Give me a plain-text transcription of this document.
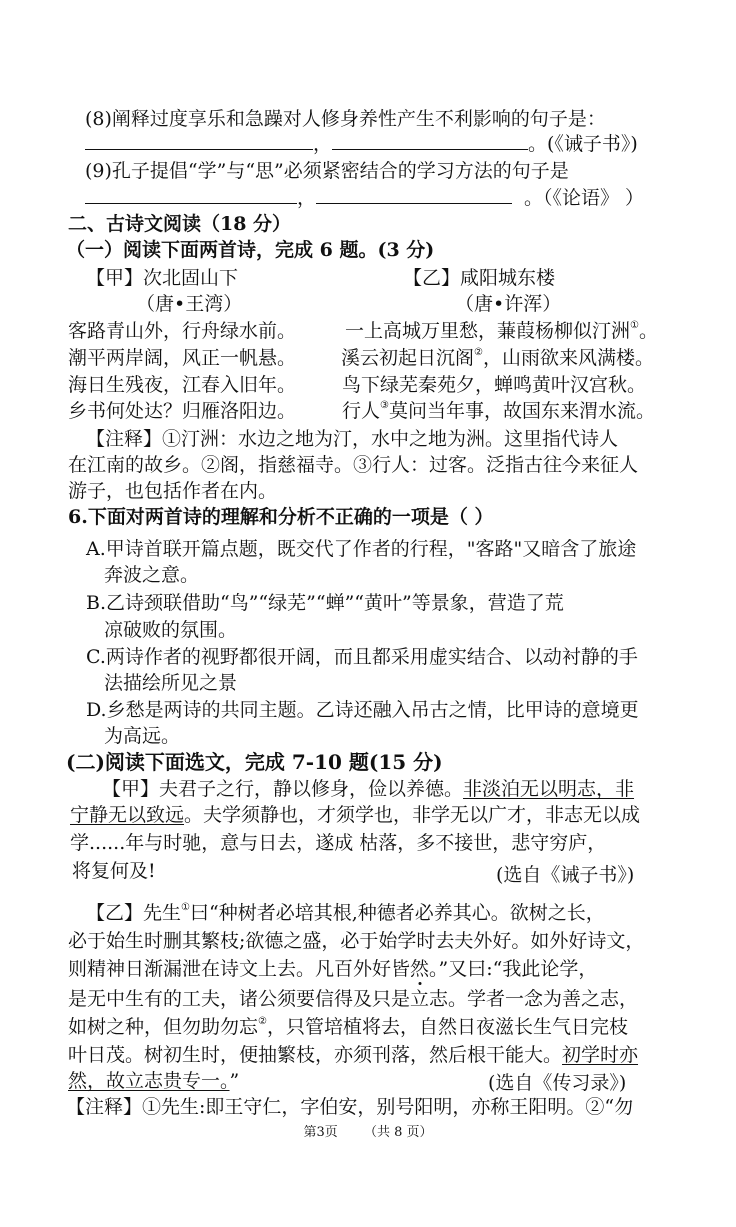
(8)阐释过度享乐和急躁对人修身养性产生不利影响的句子是：
，	。(《诫子书》)
(9)孔子提倡“学”与“思”必须紧密结合的学习方法的句子是
，	。（《论语》 ）
二、古诗文阅读（18 分）
（一）阅读下面两首诗，完成 6 题。(3 分)
【甲】次北固山下
（唐•王湾）
客路青山外，行舟绿水前。
潮平两岸阔，风正一帆悬。
海日生残夜，江春入旧年。
乡书何处达？归雁洛阳边。
【乙】咸阳城东楼
（唐•许浑）
一上高城万里愁，蒹葭杨柳似汀洲①。
溪云初起日沉阁②，山雨欲来风满楼。
鸟下绿芜秦苑夕，蝉鸣黄叶汉宫秋。
行人③莫问当年事，故国东来渭水流。
【注释】①汀洲：水边之地为汀，水中之地为洲。这里指代诗人
在江南的故乡。②阁，指慈福寺。③行人：过客。泛指古往今来征人
游子，也包括作者在内。
6.下面对两首诗的理解和分析不正确的一项是（ ）
A.甲诗首联开篇点题，既交代了作者的行程，"客路"又暗含了旅途
奔波之意。
B.乙诗颈联借助“鸟”“绿芜”“蝉”“黄叶”等景象，营造了荒
凉破败的氛围。
C.两诗作者的视野都很开阔，而且都采用虚实结合、以动衬静的手
法描绘所见之景
D.乡愁是两诗的共同主题。乙诗还融入吊古之情，比甲诗的意境更
为高远。
(二)阅读下面选文，完成 7-10 题(15 分)
【甲】夫君子之行，静以修身，俭以养德。非淡泊无以明志，非
宁静无以致远。夫学须静也，才须学也，非学无以广才，非志无以成
学......年与时驰，意与日去，遂成 枯落，多不接世，悲守穷庐，
将复何及!	(选自《诫子书》)
【乙】先生①曰“种树者必培其根,种德者必养其心。欲树之长，
必于始生时删其繁枝;欲德之盛，必于始学时去夫外好。如外好诗文，
则精神日渐漏泄在诗文上去。凡百外好皆然。”又曰:“我此论学，
是无中生有的工夫，诸公须要信得及只是立志。学者一念为善之志，
如树之种，但勿助勿忘②，只管培植将去，自然日夜滋长生气日完枝
叶日茂。树初生时，便抽繁枝，亦须刊落，然后根干能大。初学时亦
然，故立志贵专一。”	(选自《传习录》)
【注释】①先生:即王守仁，字伯安，别号阳明，亦称王阳明。②“勿
第3页 （共 8 页）
